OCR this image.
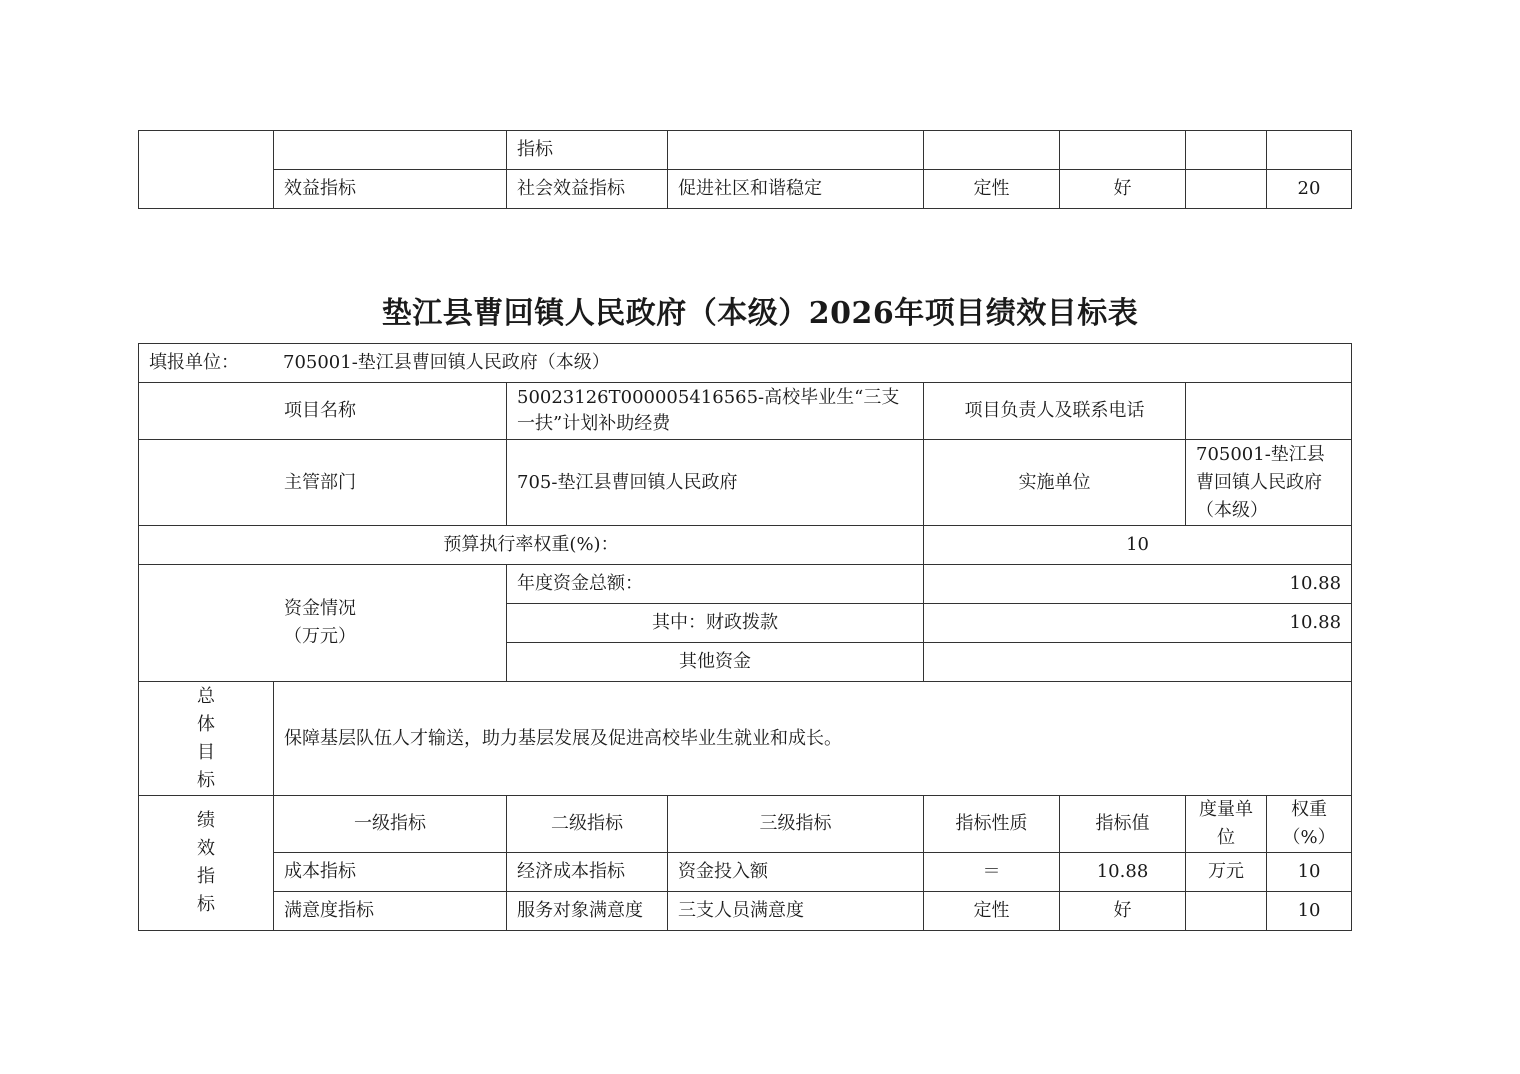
		指标					
	效益指标	社会效益指标	促进社区和谐稳定	定性	好		20
垫江县曹回镇人民政府（本级）2026年项目绩效目标表
填报单位： 705001-垫江县曹回镇人民政府（本级）							
项目名称		50023126T000005416565-高校毕业生“三支一扶”计划补助经费		项目负责人及联系电话			
主管部门		705-垫江县曹回镇人民政府		实施单位		705001-垫江县曹回镇人民政府（本级）	
预算执行率权重(%)：				10			

资金情况
（万元）		年度资金总额：		10.88			
		其中：财政拨款		10.88			
		其他资金					

总
体
目
标	保障基层队伍人才输送，助力基层发展及促进高校毕业生就业和成长。						

绩
效
指
标	一级指标	二级指标	三级指标	指标性质	指标值	度量单位	权重（%）
	成本指标	经济成本指标	资金投入额	＝	10.88	万元	10
	满意度指标	服务对象满意度	三支人员满意度	定性	好		10
